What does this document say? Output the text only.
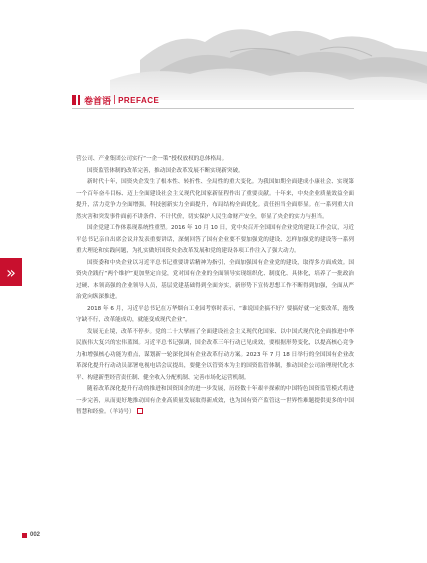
卷首语 | PREFACE
»

营公司、产业集团公司实行“一企一策”授权放权的总体格局。

国资监管体制的改革完善，推动国企改革发展不断实现新突破。

新时代十年，国资央企发生了根本性、转折性、全局性的重大变化。为我国如期全面建成小康社会、实现第一个百年奋斗目标、迈上全面建设社会主义现代化国家新征程作出了重要贡献。十年来，中央企业质量效益全面提升，活力竞争力全面增强，科技创新实力全面提升，布局结构全面优化。责任担当全面彰显。在一系列重大自然灾害和突发事件面前不讲条件、不计代价，切实保护人民生命财产安全，彰显了央企的实力与担当。

国企党建工作体系现系统性重塑。2016 年 10 月 10 日，党中央召开全国国有企业党的建设工作会议，习近平总书记亲自出席会议并发表重要讲话，深刻回答了国有企业要不要加强党的建设、怎样加强党的建设等一系列重大理论和实践问题，为扎实做好国资央企改革发展和党的建设各项工作注入了强大动力。

国资委和中央企业以习近平总书记重要讲话精神为指引，全面加强国有企业党的建设，取得多方面成效。国资央企践行“两个维护”更加坚定自觉，党对国有企业的全面领导实现组织化、制度化、具体化，培养了一批政治过硬、本领高强的企业领导人员，基层党建基础得到全面夯实，新形势下宣传思想工作不断得到加强，全面从严治党向纵深推进。

2018 年 6 月，习近平总书记在万华烟台工业园考察时表示，“谁说国企搞不好？要搞好就一定要改革，抱残守缺不行，改革能成功，就能变成现代企业”。

发展无止境，改革不停步。党的二十大擘画了全面建设社会主义现代化国家、以中国式现代化全面推进中华民族伟大复兴的宏伟蓝图。习近平总书记强调，国企改革三年行动已见成效，要根据形势变化，以提高核心竞争力和增强核心功能为重点，谋划新一轮深化国有企业改革行动方案。2023 年 7 月 18 日举行的全国国有企业改革深化提升行动动员部署电视电话会议提出，要健全以管资本为主的国资监管体制，推动国企公司治理现代化水平、构建新型经营责任制、健全收入分配机制、完善市场化运营机制。

随着改革深化提升行动的推进和国资国企的进一步发展，历经数十年艰辛探索的中国特色国资监管模式将进一步完善，从而更好地推动国有企业高质量发展取得新成效，也为国有资产监管这一世界性难题提供更多的中国智慧和经验。（羊诗号）

002
